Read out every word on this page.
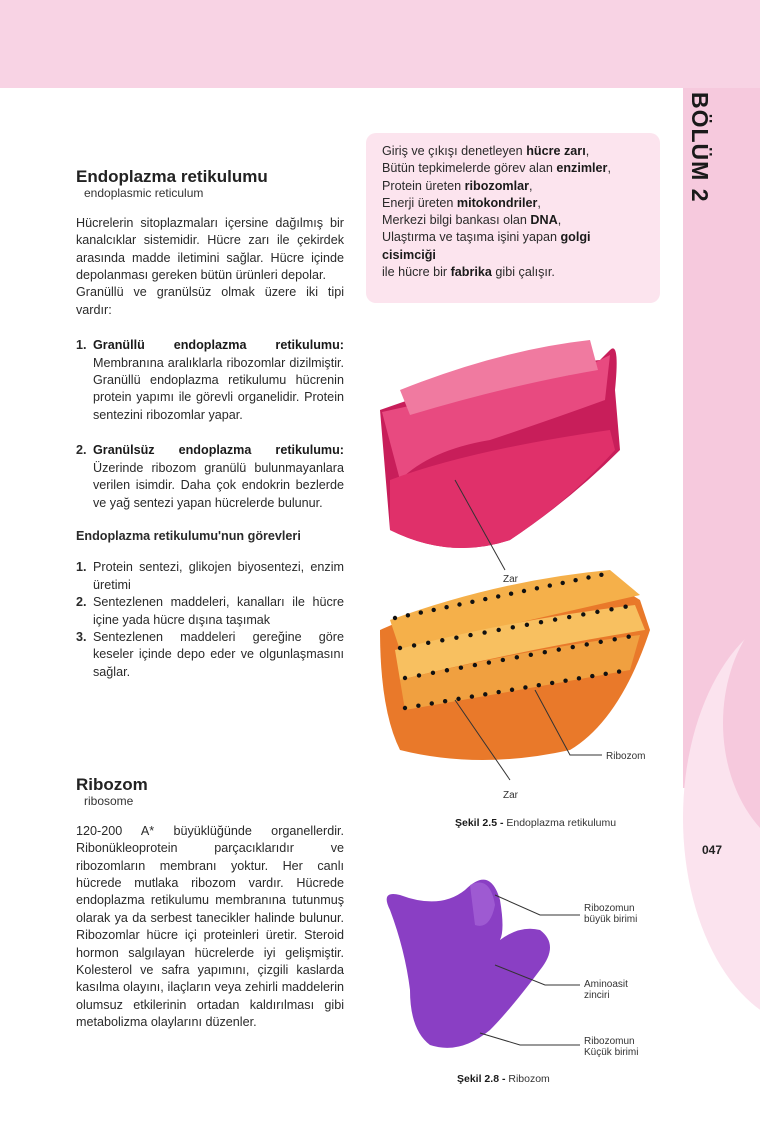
BÖLÜM 2
047
Endoplazma retikulumu
endoplasmic reticulum

Hücrelerin sitoplazmaları içersine dağılmış bir kanalcıklar sistemidir. Hücre zarı ile çekirdek arasında madde iletimini sağlar. Hücre içinde depolanması gereken bütün ürünleri depolar.

Granüllü ve granülsüz olmak üzere iki tipi vardır:

1. Granüllü endoplazma retikulumu: Membranına aralıklarla ribozomlar dizilmiştir. Granüllü endoplazma retikulumu hücrenin protein yapımı ile görevli organelidir. Protein sentezini ribozomlar yapar.
2. Granülsüz endoplazma retikulumu: Üzerinde ribozom granülü bulunmayanlara verilen isimdir. Daha çok endokrin bezlerde ve yağ sentezi yapan hücrelerde bulunur.
Endoplazma retikulumu'nun görevleri
1. Protein sentezi, glikojen biyosentezi, enzim üretimi
2. Sentezlenen maddeleri, kanalları ile hücre içine yada hücre dışına taşımak
3. Sentezlenen maddeleri gereğine göre keseler içinde depo eder ve olgunlaşmasını sağlar.
Ribozom
ribosome

120-200 A* büyüklüğünde organellerdir. Ribonükleoprotein parçacıklarıdır ve ribozomların membranı yoktur. Her canlı hücrede mutlaka ribozom vardır. Hücrede endoplazma retikulumu membranına tutunmuş olarak ya da serbest tanecikler halinde bulunur. Ribozomlar hücre içi proteinleri üretir. Steroid hormon salgılayan hücrelerde iyi gelişmiştir. Kolesterol ve safra yapımını, çizgili kaslarda kasılma olayını, ilaçların veya zehirli maddelerin olumsuz etkilerinin ortadan kaldırılması gibi metabolizma olaylarını düzenler.

Giriş ve çıkışı denetleyen hücre zarı,
Bütün tepkimelerde görev alan enzimler,
Protein üreten ribozomlar,
Enerji üreten mitokondriler,
Merkezi bilgi bankası olan DNA,
Ulaştırma ve taşıma işini yapan golgi cisimciği
ile hücre bir fabrika gibi çalışır.
Zar
Ribozom
Zar
Şekil 2.5 - Endoplazma retikulumu
Ribozomun büyük birimi
Aminoasit zinciri
Ribozomun Küçük birimi
Şekil 2.8 - Ribozom
